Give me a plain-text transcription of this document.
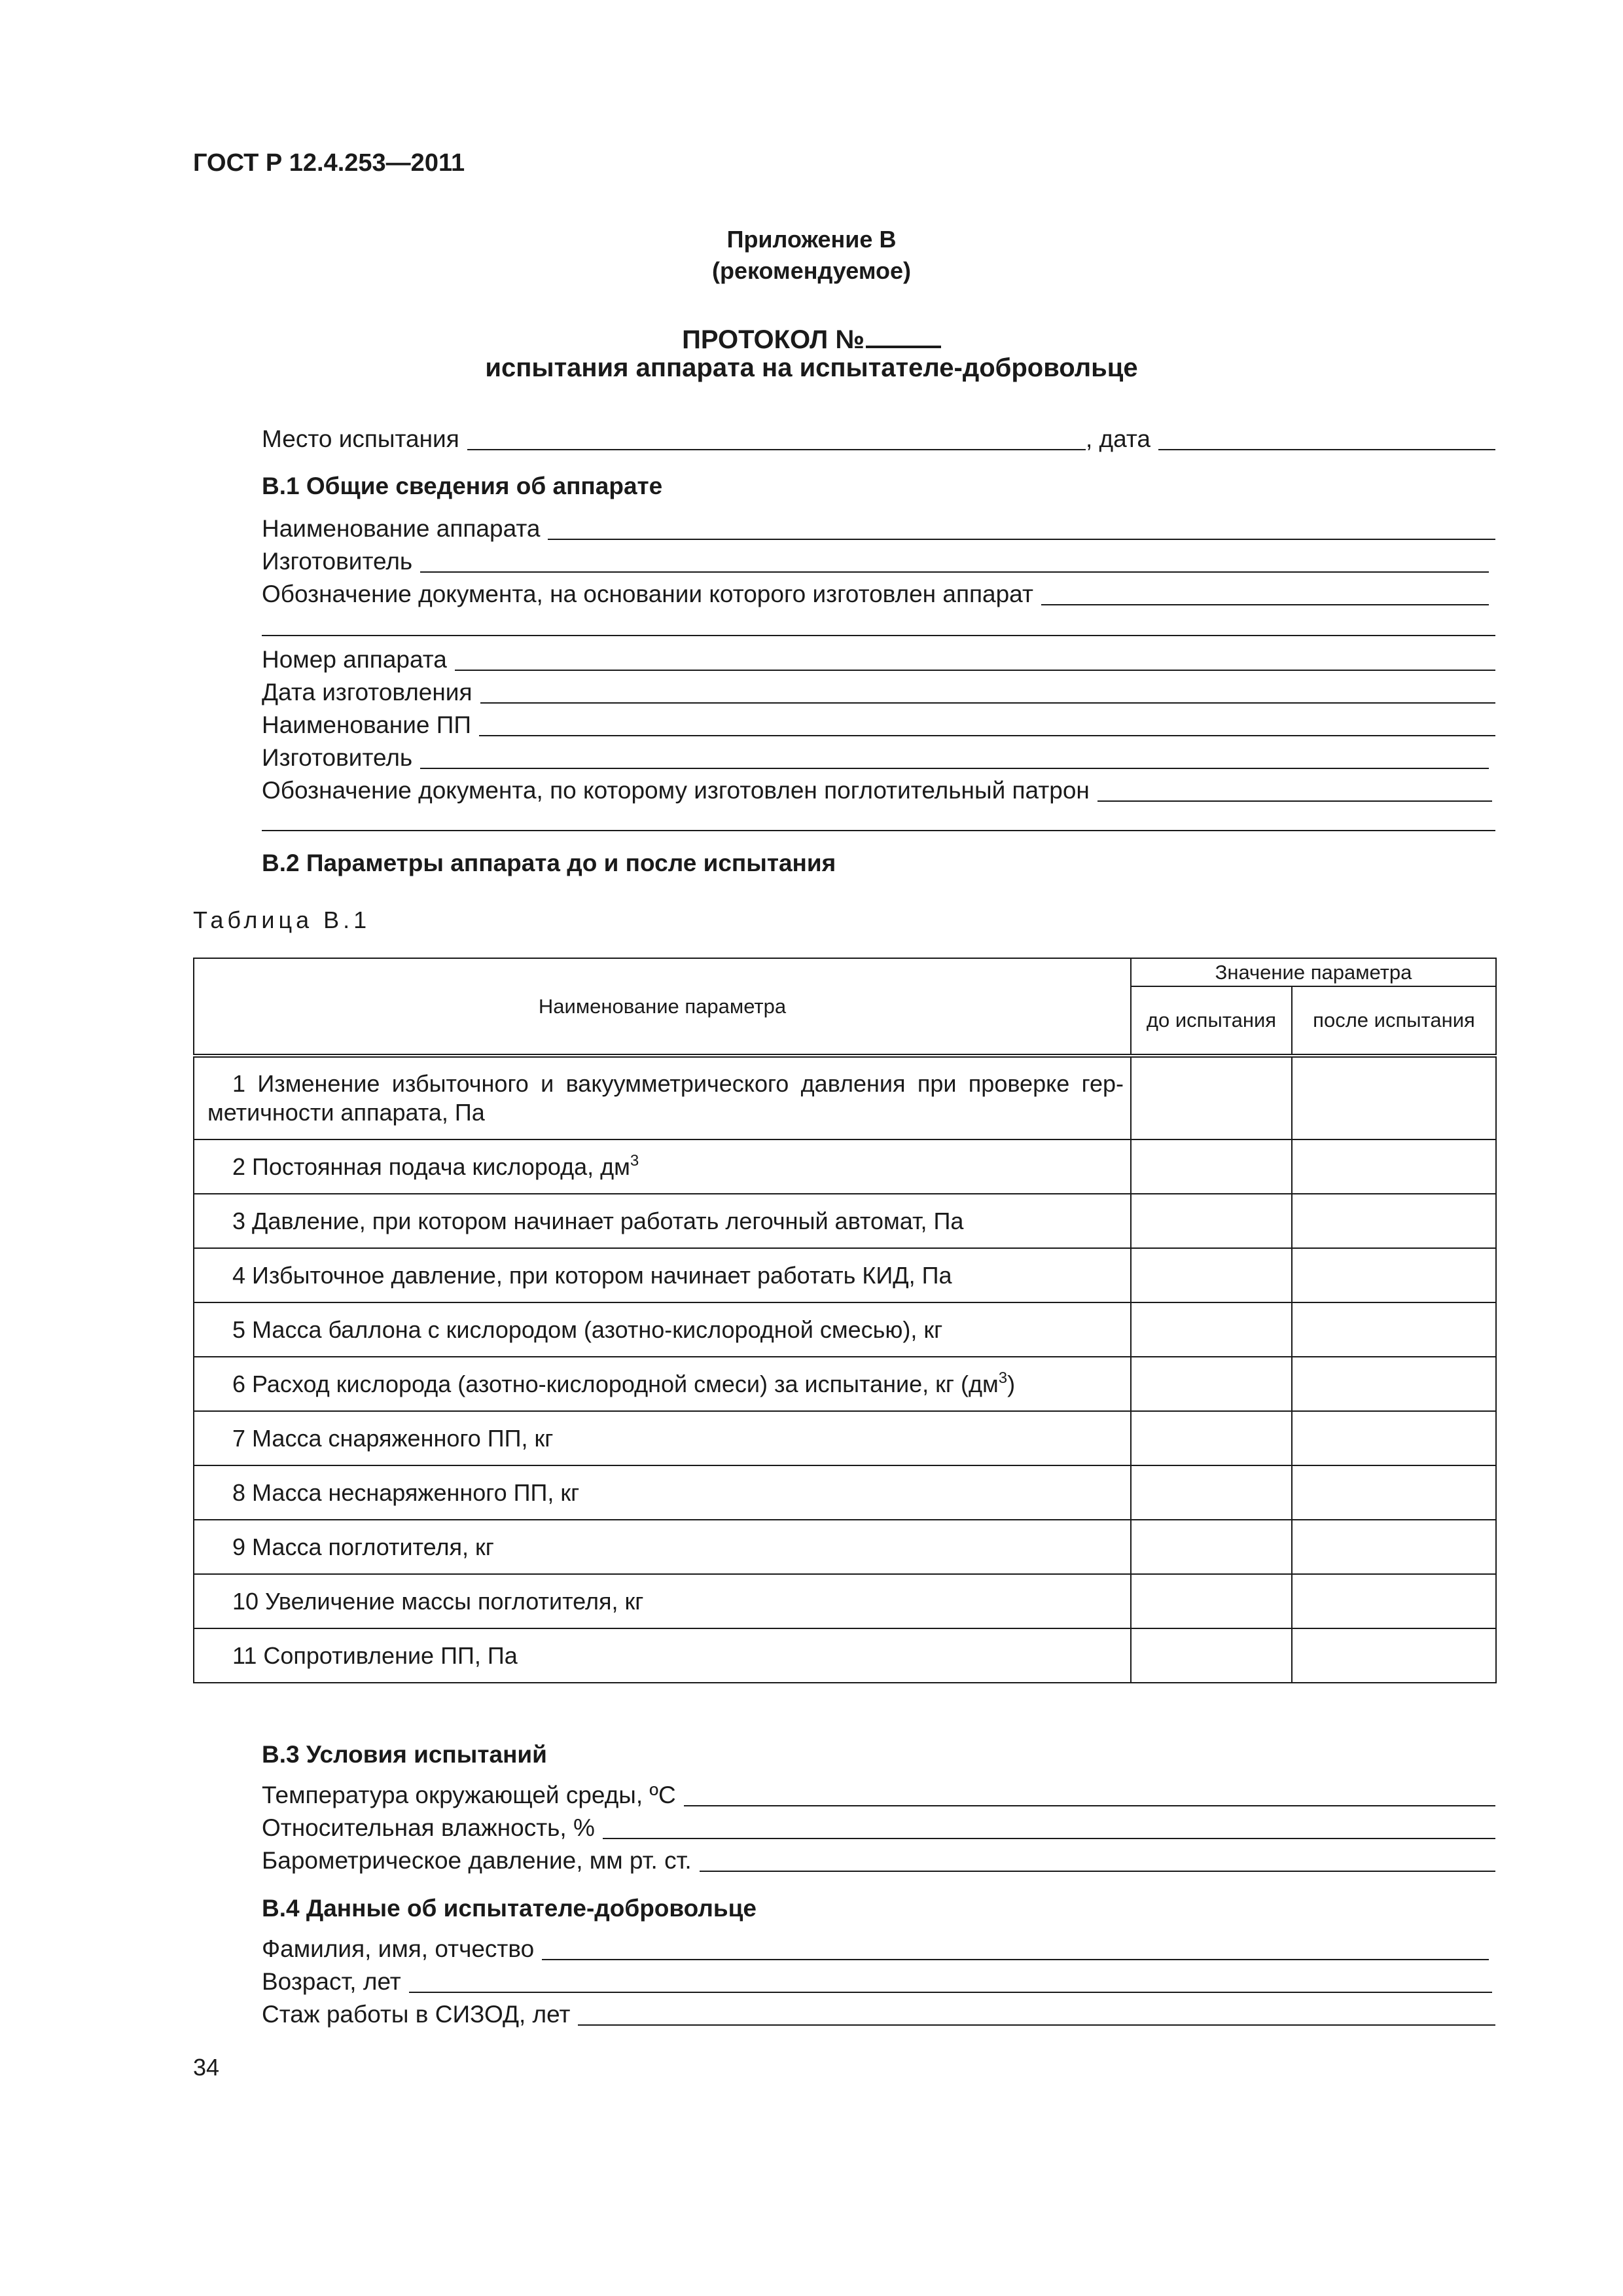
ГОСТ Р 12.4.253—2011
Приложение В
(рекомендуемое)
ПРОТОКОЛ №
испытания аппарата на испытателе-добровольце
Место испытания	, дата
В.1 Общие сведения об аппарате
Наименование аппарата
Изготовитель
Обозначение документа, на основании которого изготовлен аппарат
Номер аппарата
Дата изготовления
Наименование ПП
Изготовитель
Обозначение документа, по которому изготовлен поглотительный патрон
В.2 Параметры аппарата до и после испытания
Таблица В.1
Наименование параметра	Значение параметра	
	до испытания	после испытания

1 Изменение избыточного и вакуумметрического давления при проверке гер-метичности аппарата, Па		

2 Постоянная подача кислорода, $дм^3$		
3 Давление, при котором начинает работать легочный автомат, Па		
4 Избыточное давление, при котором начинает работать КИД, Па		
5 Масса баллона с кислородом (азотно-кислородной смесью), кг		
6 Расход кислорода (азотно-кислородной смеси) за испытание, кг $(дм^3)$		
7 Масса снаряженного ПП, кг		
8 Масса неснаряженного ПП, кг		
9 Масса поглотителя, кг		
10 Увеличение массы поглотителя, кг		
11 Сопротивление ПП, Па		
В.3 Условия испытаний
Температура окружающей среды, ºС
Относительная влажность, %
Барометрическое давление, мм рт. ст.
В.4 Данные об испытателе-добровольце
Фамилия, имя, отчество
Возраст, лет
Стаж работы в СИЗОД, лет
34
